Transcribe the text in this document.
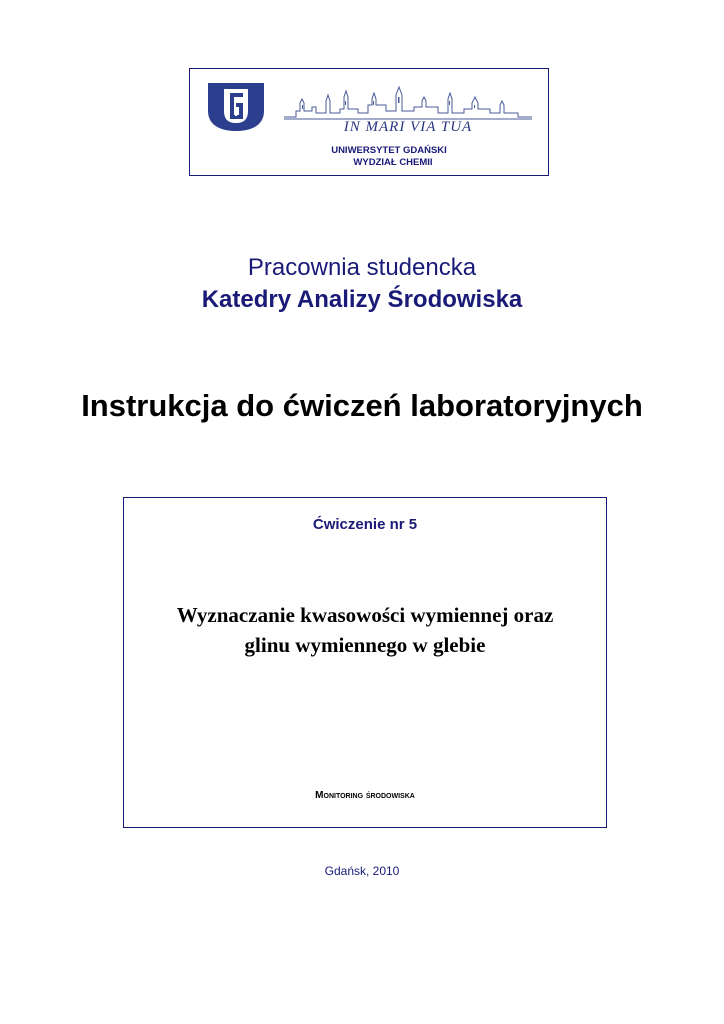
IN MARI VIA TUA
UNIWERSYTET GDAŃSKI
WYDZIAŁ CHEMII
Pracownia studencka
Katedry Analizy Środowiska
Instrukcja do ćwiczeń laboratoryjnych
Ćwiczenie nr 5
Wyznaczanie kwasowości wymiennej oraz
glinu wymiennego w glebie
Monitoring środowiska
Gdańsk, 2010
